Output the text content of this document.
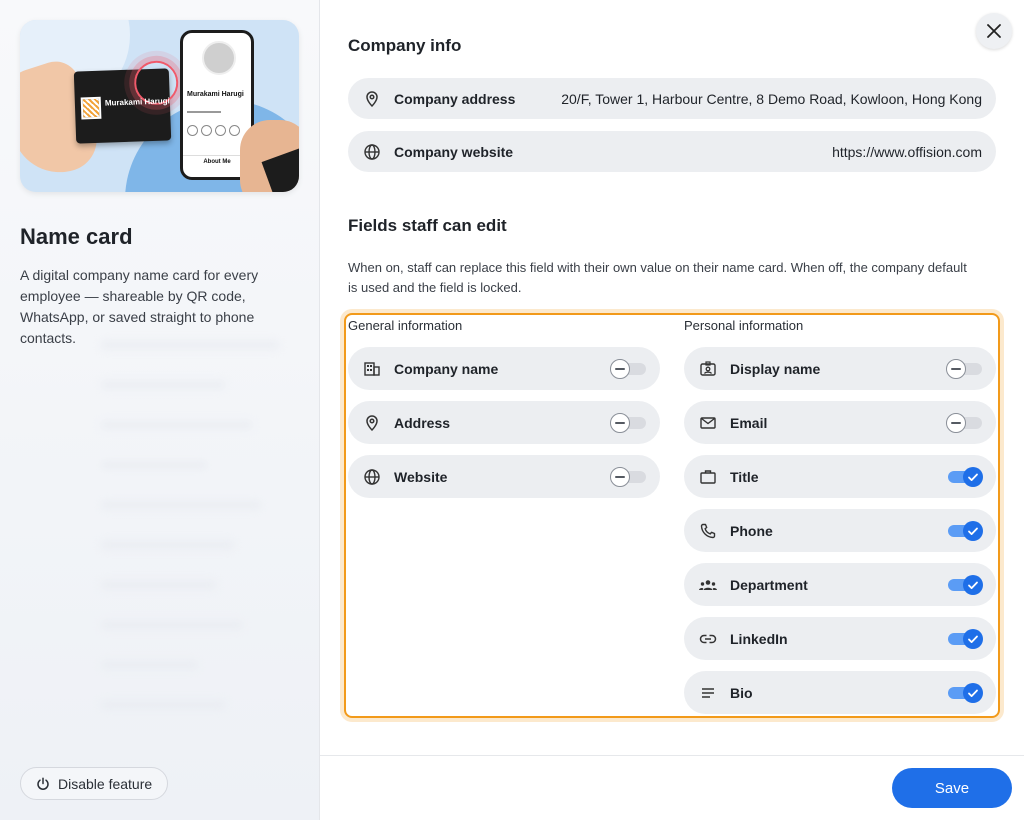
Murakami Harugi
Murakami Harugi
About Me
Name card
A digital company name card for every employee — shareable by QR code, WhatsApp, or saved straight to phone contacts.
Disable feature
Company info
Company address	20/F, Tower 1, Harbour Centre, 8 Demo Road, Kowloon, Hong Kong
Company website	https://www.offision.com
Fields staff can edit
When on, staff can replace this field with their own value on their name card. When off, the company default is used and the field is locked.
General information	Personal information
Company name
Address
Website
Display name
Email
Title
Phone
Department
LinkedIn
Bio
Save
